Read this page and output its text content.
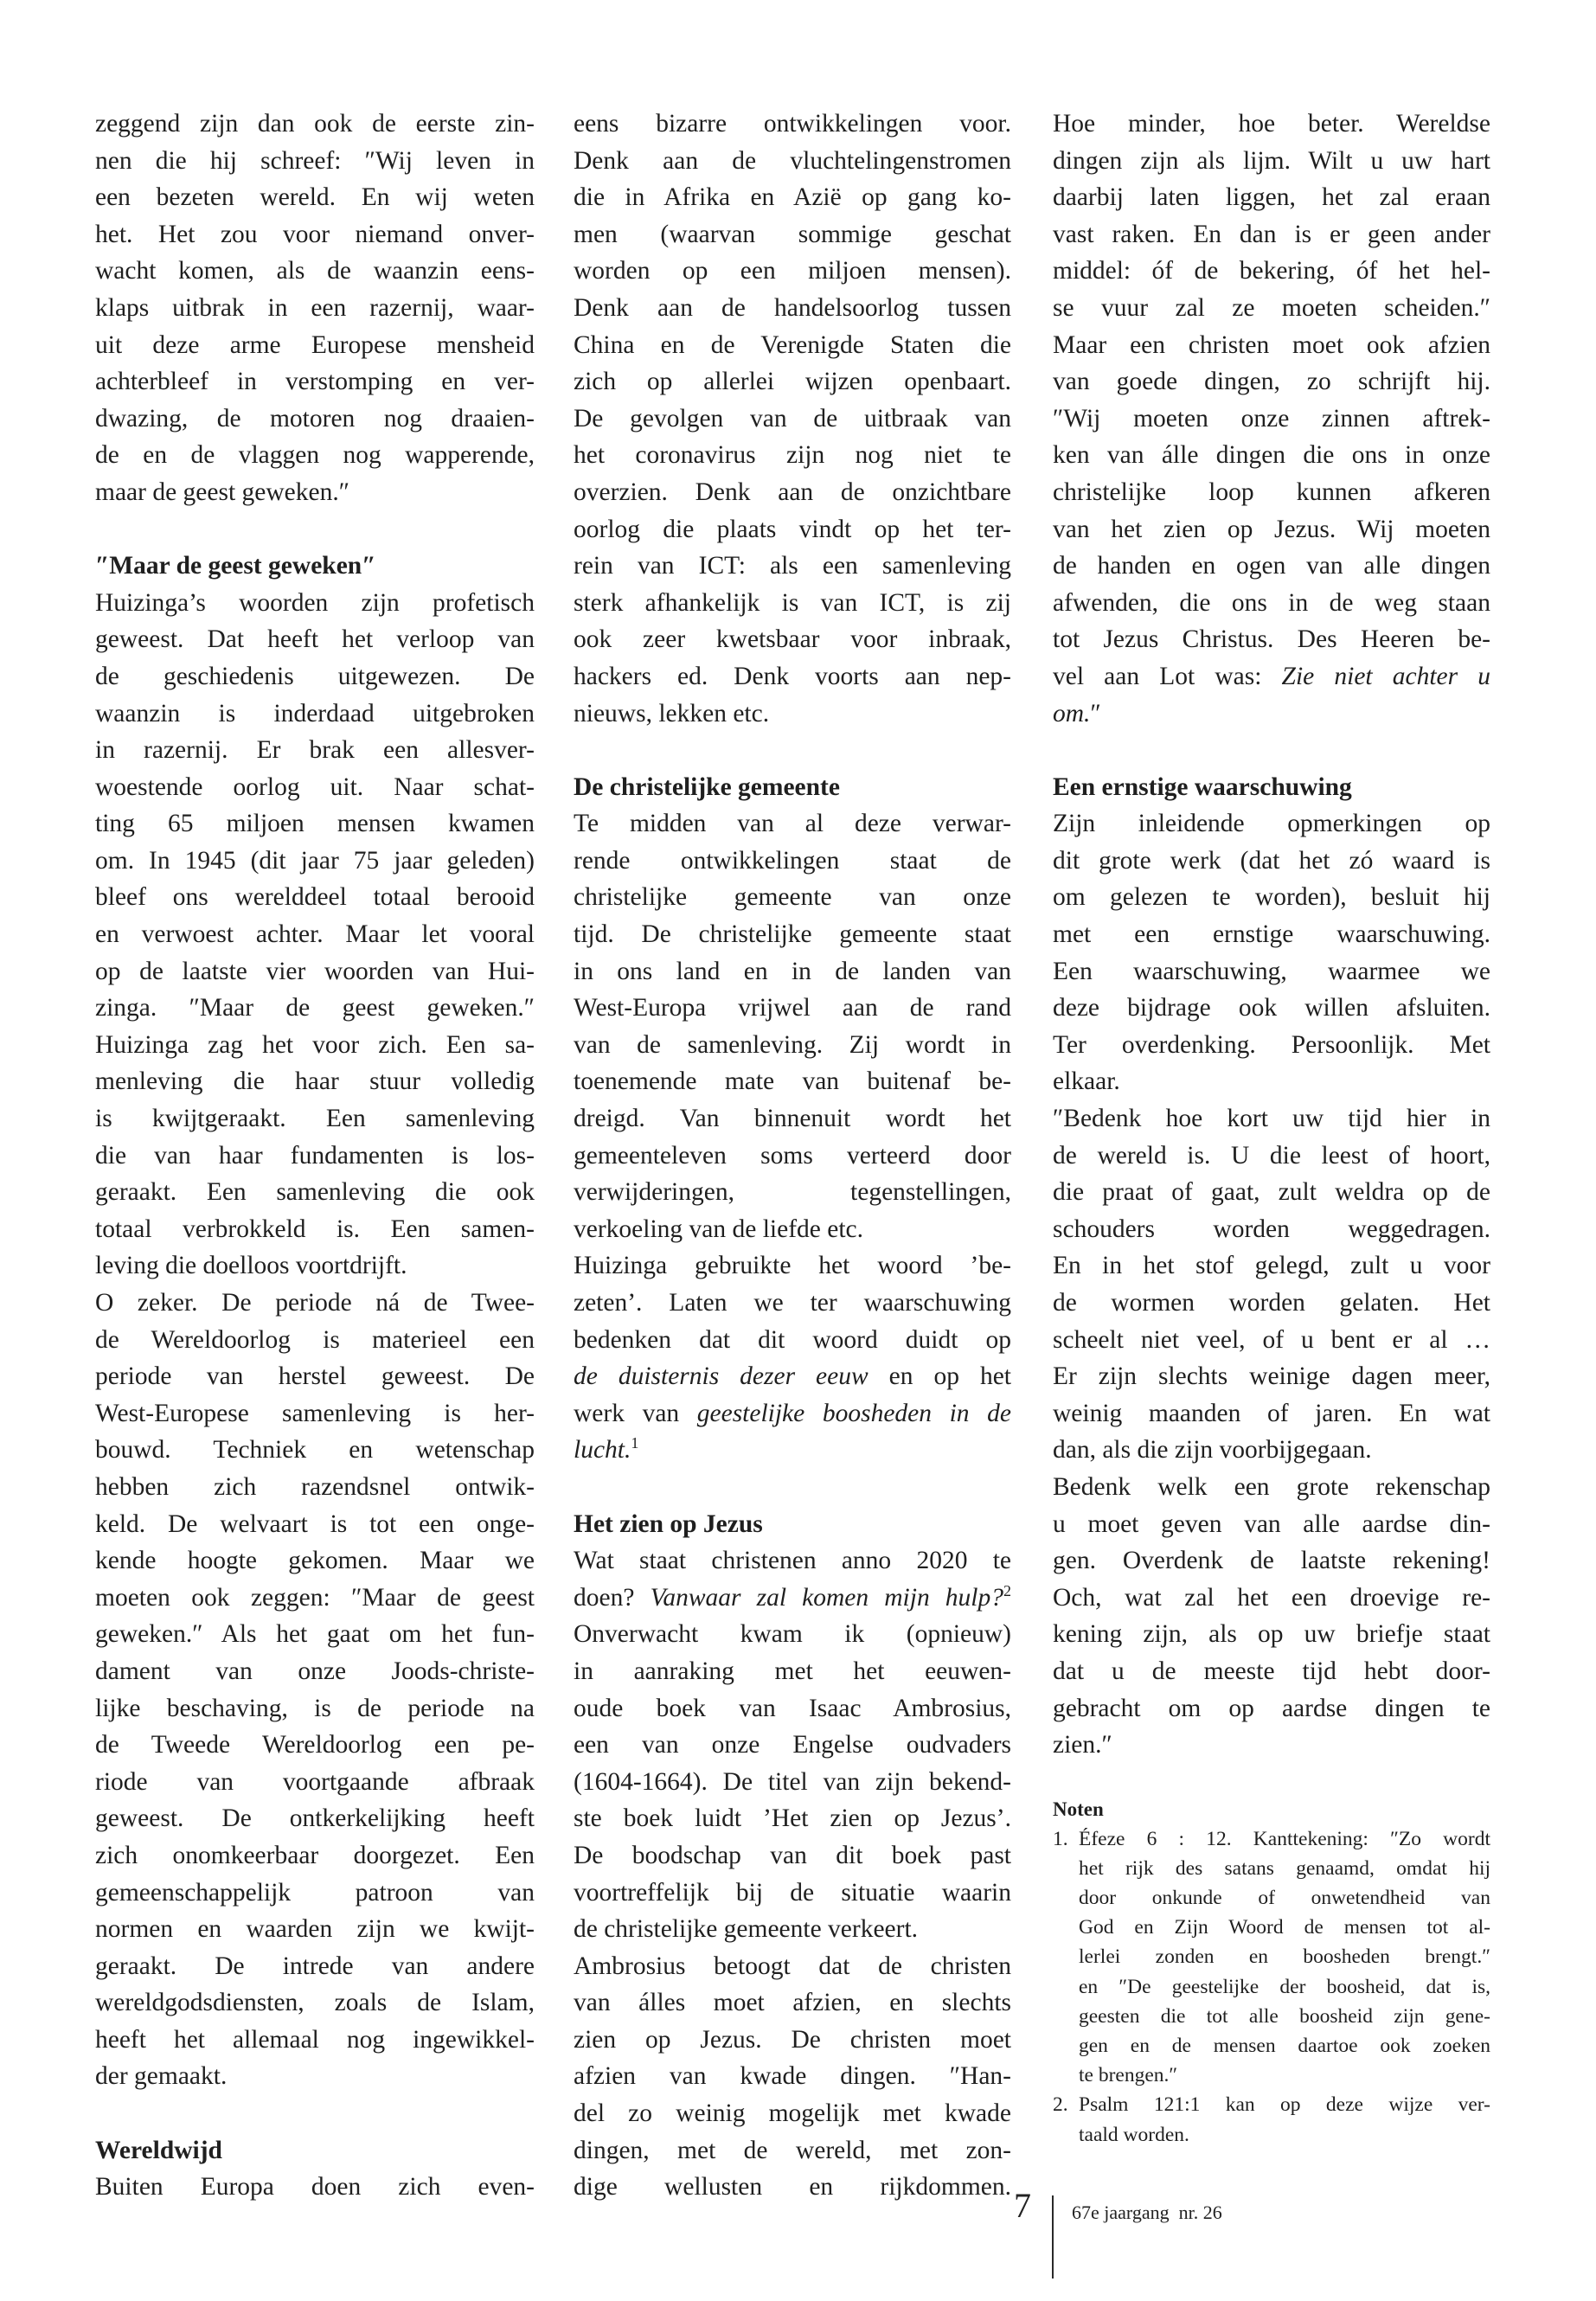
zeggend zijn dan ook de eerste zin-
nen die hij schreef: ″Wij leven in
een bezeten wereld. En wij weten
het. Het zou voor niemand onver-
wacht komen, als de waanzin eens-
klaps uitbrak in een razernij, waar-
uit deze arme Europese mensheid
achterbleef in verstomping en ver-
dwazing, de motoren nog draaien-
de en de vlaggen nog wapperende,
maar de geest geweken.″
″Maar de geest geweken″
Huizinga’s woorden zijn profetisch
geweest. Dat heeft het verloop van
de geschiedenis uitgewezen. De
waanzin is inderdaad uitgebroken
in razernij. Er brak een allesver-
woestende oorlog uit. Naar schat-
ting 65 miljoen mensen kwamen
om. In 1945 (dit jaar 75 jaar geleden)
bleef ons werelddeel totaal berooid
en verwoest achter. Maar let vooral
op de laatste vier woorden van Hui-
zinga. ″Maar de geest geweken.″
Huizinga zag het voor zich. Een sa-
menleving die haar stuur volledig
is kwijtgeraakt. Een samenleving
die van haar fundamenten is los-
geraakt. Een samenleving die ook
totaal verbrokkeld is. Een samen-
leving die doelloos voortdrijft.
O zeker. De periode ná de Twee-
de Wereldoorlog is materieel een
periode van herstel geweest. De
West-Europese samenleving is her-
bouwd. Techniek en wetenschap
hebben zich razendsnel ontwik-
keld. De welvaart is tot een onge-
kende hoogte gekomen. Maar we
moeten ook zeggen: ″Maar de geest
geweken.″ Als het gaat om het fun-
dament van onze Joods-christe-
lijke beschaving, is de periode na
de Tweede Wereldoorlog een pe-
riode van voortgaande afbraak
geweest. De ontkerkelijking heeft
zich onomkeerbaar doorgezet. Een
gemeenschappelijk patroon van
normen en waarden zijn we kwijt-
geraakt. De intrede van andere
wereldgodsdiensten, zoals de Islam,
heeft het allemaal nog ingewikkel-
der gemaakt.
Wereldwijd
Buiten Europa doen zich even-
eens bizarre ontwikkelingen voor.
Denk aan de vluchtelingenstromen
die in Afrika en Azië op gang ko-
men (waarvan sommige geschat
worden op een miljoen mensen).
Denk aan de handelsoorlog tussen
China en de Verenigde Staten die
zich op allerlei wijzen openbaart.
De gevolgen van de uitbraak van
het coronavirus zijn nog niet te
overzien. Denk aan de onzichtbare
oorlog die plaats vindt op het ter-
rein van ICT: als een samenleving
sterk afhankelijk is van ICT, is zij
ook zeer kwetsbaar voor inbraak,
hackers ed. Denk voorts aan nep-
nieuws, lekken etc.
De christelijke gemeente
Te midden van al deze verwar-
rende ontwikkelingen staat de
christelijke gemeente van onze
tijd. De christelijke gemeente staat
in ons land en in de landen van
West-Europa vrijwel aan de rand
van de samenleving. Zij wordt in
toenemende mate van buitenaf be-
dreigd. Van binnenuit wordt het
gemeenteleven soms verteerd door
verwijderingen, tegenstellingen,
verkoeling van de liefde etc.
Huizinga gebruikte het woord ’be-
zeten’. Laten we ter waarschuwing
bedenken dat dit woord duidt op
de duisternis dezer eeuw en op het
werk van geestelijke boosheden in de
lucht.$^1$
Het zien op Jezus
Wat staat christenen anno 2020 te
doen? Vanwaar zal komen mijn hulp?$^2$
Onverwacht kwam ik (opnieuw)
in aanraking met het eeuwen-
oude boek van Isaac Ambrosius,
een van onze Engelse oudvaders
(1604-1664). De titel van zijn bekend-
ste boek luidt ’Het zien op Jezus’.
De boodschap van dit boek past
voortreffelijk bij de situatie waarin
de christelijke gemeente verkeert.
Ambrosius betoogt dat de christen
van álles moet afzien, en slechts
zien op Jezus. De christen moet
afzien van kwade dingen. ″Han-
del zo weinig mogelijk met kwade
dingen, met de wereld, met zon-
dige wellusten en rijkdommen.
Hoe minder, hoe beter. Wereldse
dingen zijn als lijm. Wilt u uw hart
daarbij laten liggen, het zal eraan
vast raken. En dan is er geen ander
middel: óf de bekering, óf het hel-
se vuur zal ze moeten scheiden.″
Maar een christen moet ook afzien
van goede dingen, zo schrijft hij.
″Wij moeten onze zinnen aftrek-
ken van álle dingen die ons in onze
christelijke loop kunnen afkeren
van het zien op Jezus. Wij moeten
de handen en ogen van alle dingen
afwenden, die ons in de weg staan
tot Jezus Christus. Des Heeren be-
vel aan Lot was: Zie niet achter u
om.″
Een ernstige waarschuwing
Zijn inleidende opmerkingen op
dit grote werk (dat het zó waard is
om gelezen te worden), besluit hij
met een ernstige waarschuwing.
Een waarschuwing, waarmee we
deze bijdrage ook willen afsluiten.
Ter overdenking. Persoonlijk. Met
elkaar.
″Bedenk hoe kort uw tijd hier in
de wereld is. U die leest of hoort,
die praat of gaat, zult weldra op de
schouders worden weggedragen.
En in het stof gelegd, zult u voor
de wormen worden gelaten. Het
scheelt niet veel, of u bent er al …
Er zijn slechts weinige dagen meer,
weinig maanden of jaren. En wat
dan, als die zijn voorbijgegaan.
Bedenk welk een grote rekenschap
u moet geven van alle aardse din-
gen. Overdenk de laatste rekening!
Och, wat zal het een droevige re-
kening zijn, als op uw briefje staat
dat u de meeste tijd hebt door-
gebracht om op aardse dingen te
zien.″
Noten
1. Éfeze 6 : 12. Kanttekening: ″Zo wordt
het rijk des satans genaamd, omdat hij
door onkunde of onwetendheid van
God en Zijn Woord de mensen tot al-
lerlei zonden en boosheden brengt.″
en ″De geestelijke der boosheid, dat is,
geesten die tot alle boosheid zijn gene-
gen en de mensen daartoe ook zoeken
te brengen.″
2. Psalm 121:1 kan op deze wijze ver-
taald worden.
7 67e jaargang  nr. 26
